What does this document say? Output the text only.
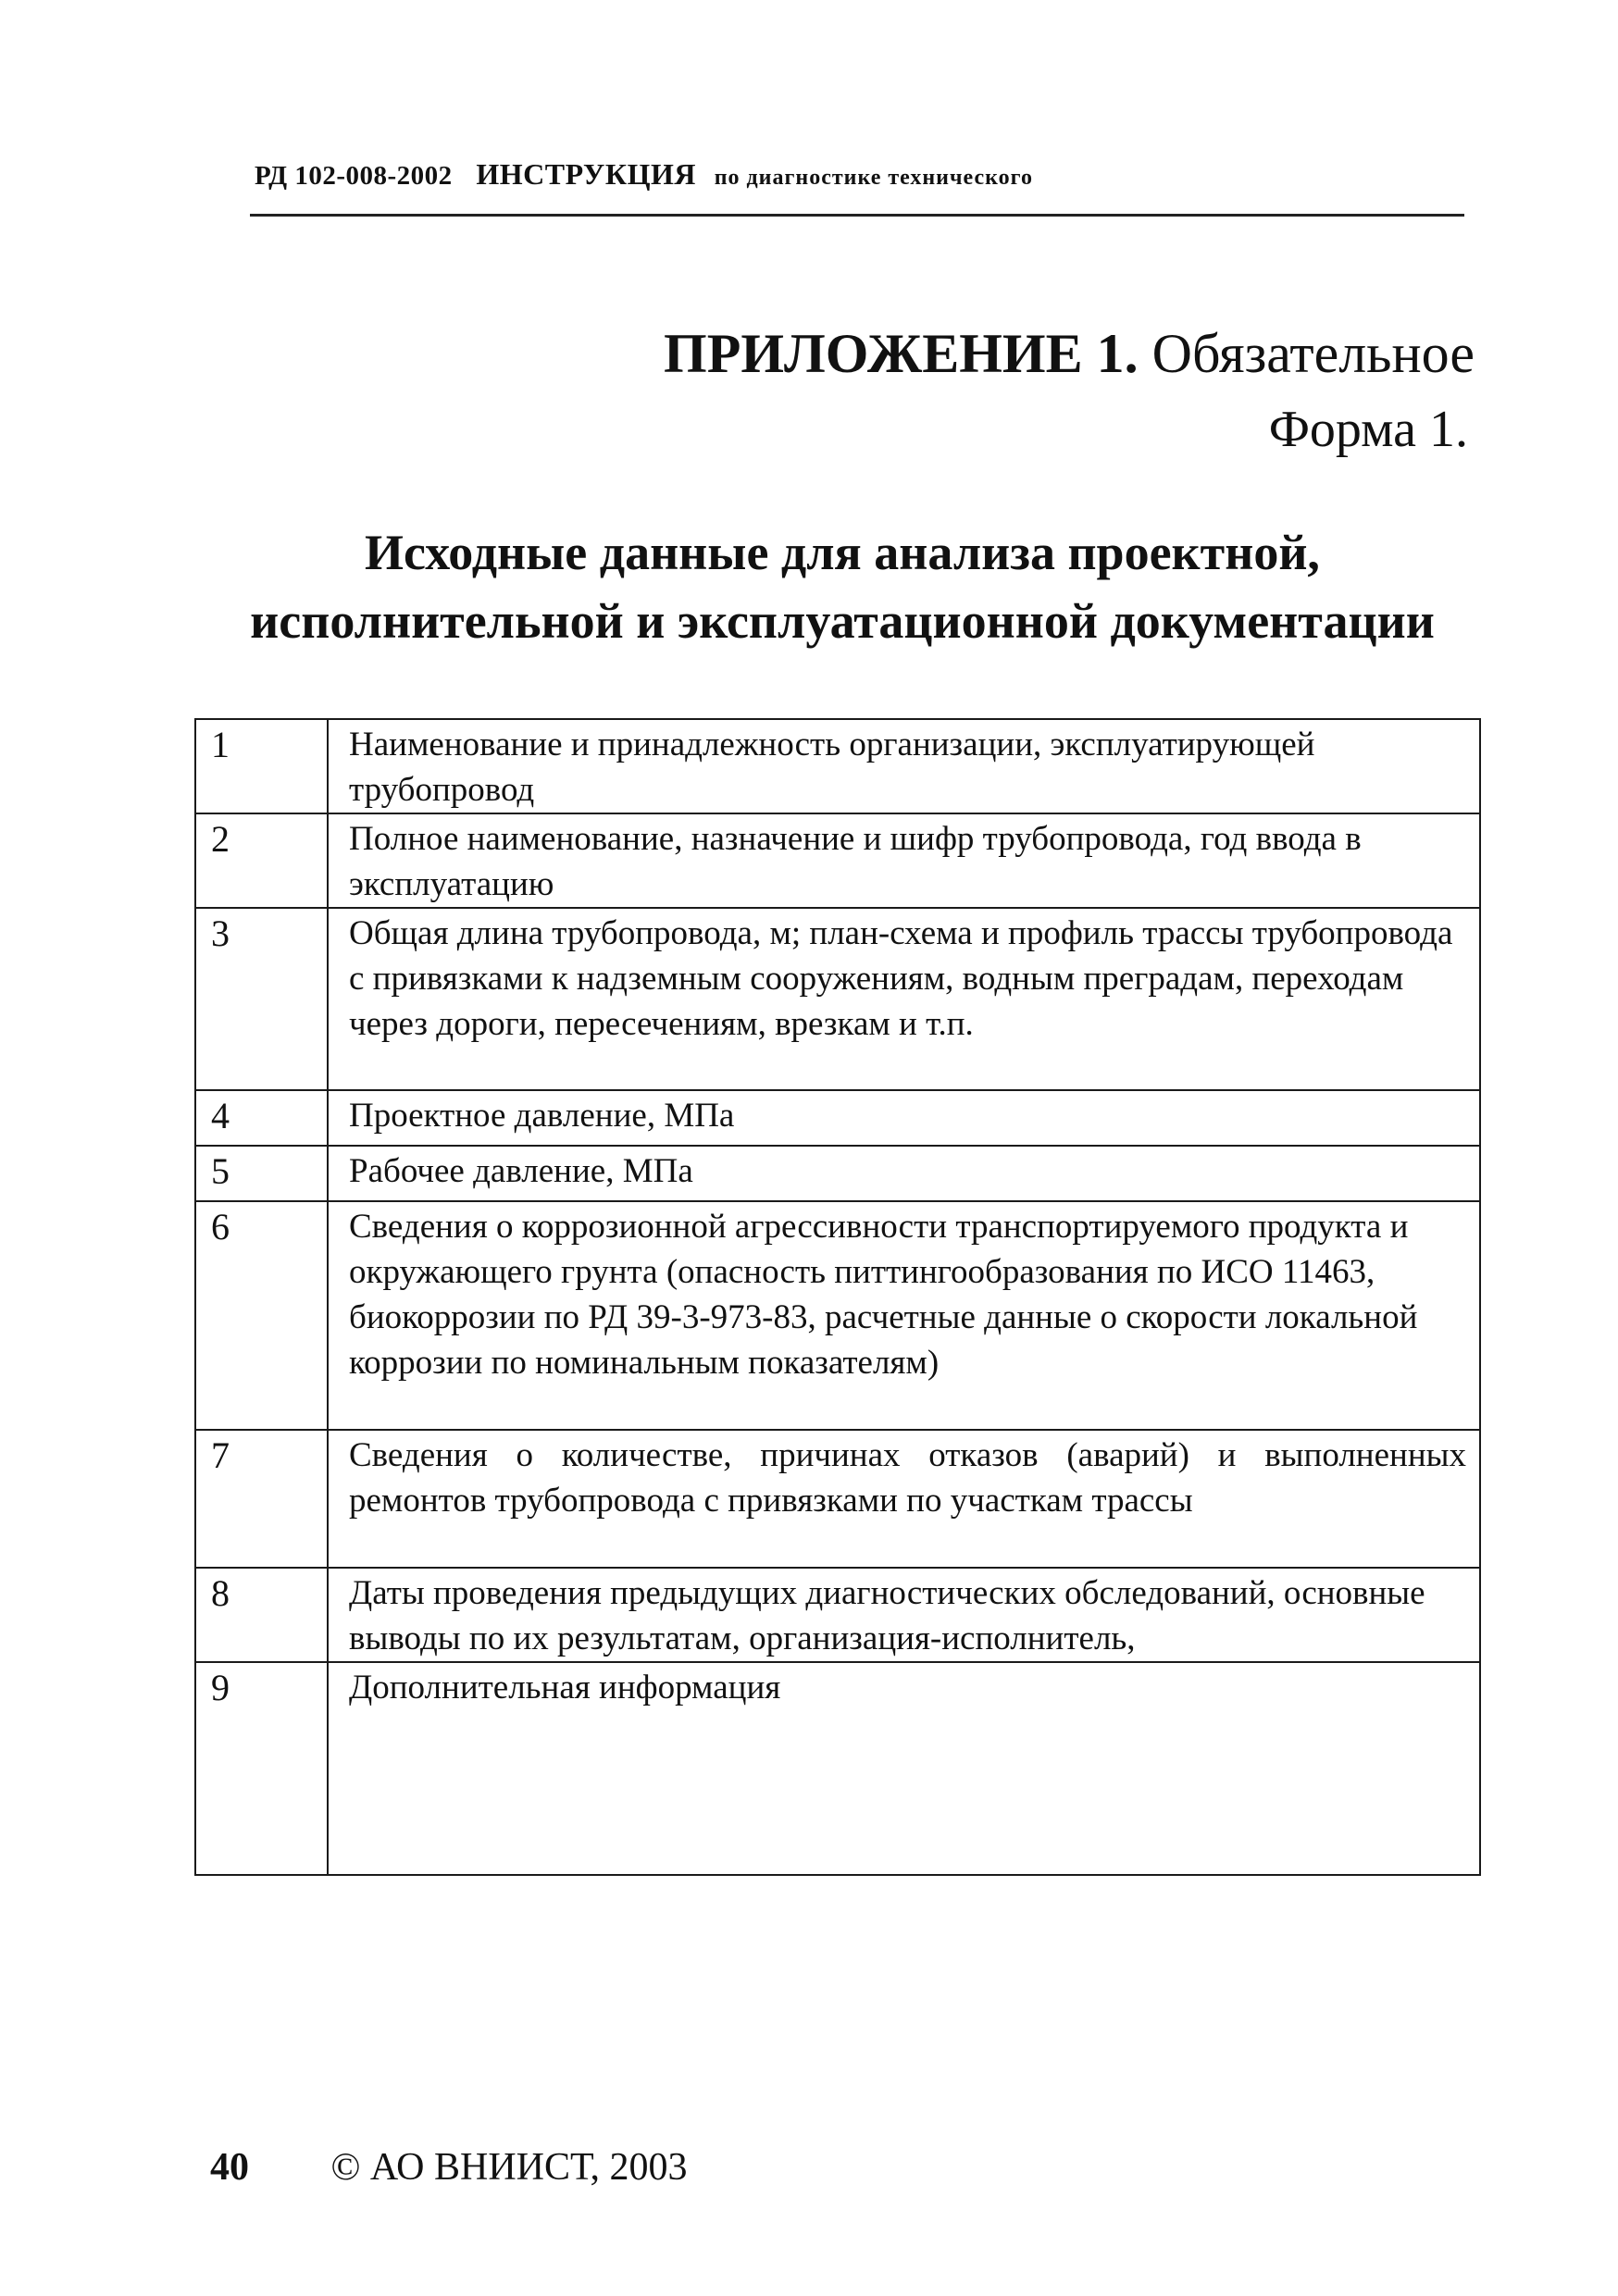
РД 102-008-2002 ИНСТРУКЦИЯ по диагностике технического
ПРИЛОЖЕНИЕ 1. Обязательное
Форма 1.
Исходные данные для анализа проектной,
исполнительной и эксплуатационной документации
1	Наименование и принадлежность организации, эксплуатирующей трубопровод
2	Полное наименование, назначение и шифр трубопровода, год ввода в эксплуатацию
3	Общая длина трубопровода, м; план-схема и профиль трассы трубопровода с привязками к надземным сооружениям, водным преградам, переходам через дороги, пересечениям, врезкам и т.п.
4	Проектное давление, МПа
5	Рабочее давление, МПа
6	Сведения о коррозионной агрессивности транспортируемого продукта и окружающего грунта (опасность питтингообразования по ИСО 11463, биокоррозии по РД 39-3-973-83, расчетные данные о скорости локальной коррозии по номинальным показателям)
7	Сведения о количестве, причинах отказов (аварий) и выполненных ремонтов трубопровода с привязками по участкам трассы
8	Даты проведения предыдущих диагностических обследований, основные выводы по их результатам, организация-исполнитель,
9	Дополнительная информация
40 © АО ВНИИСТ, 2003
